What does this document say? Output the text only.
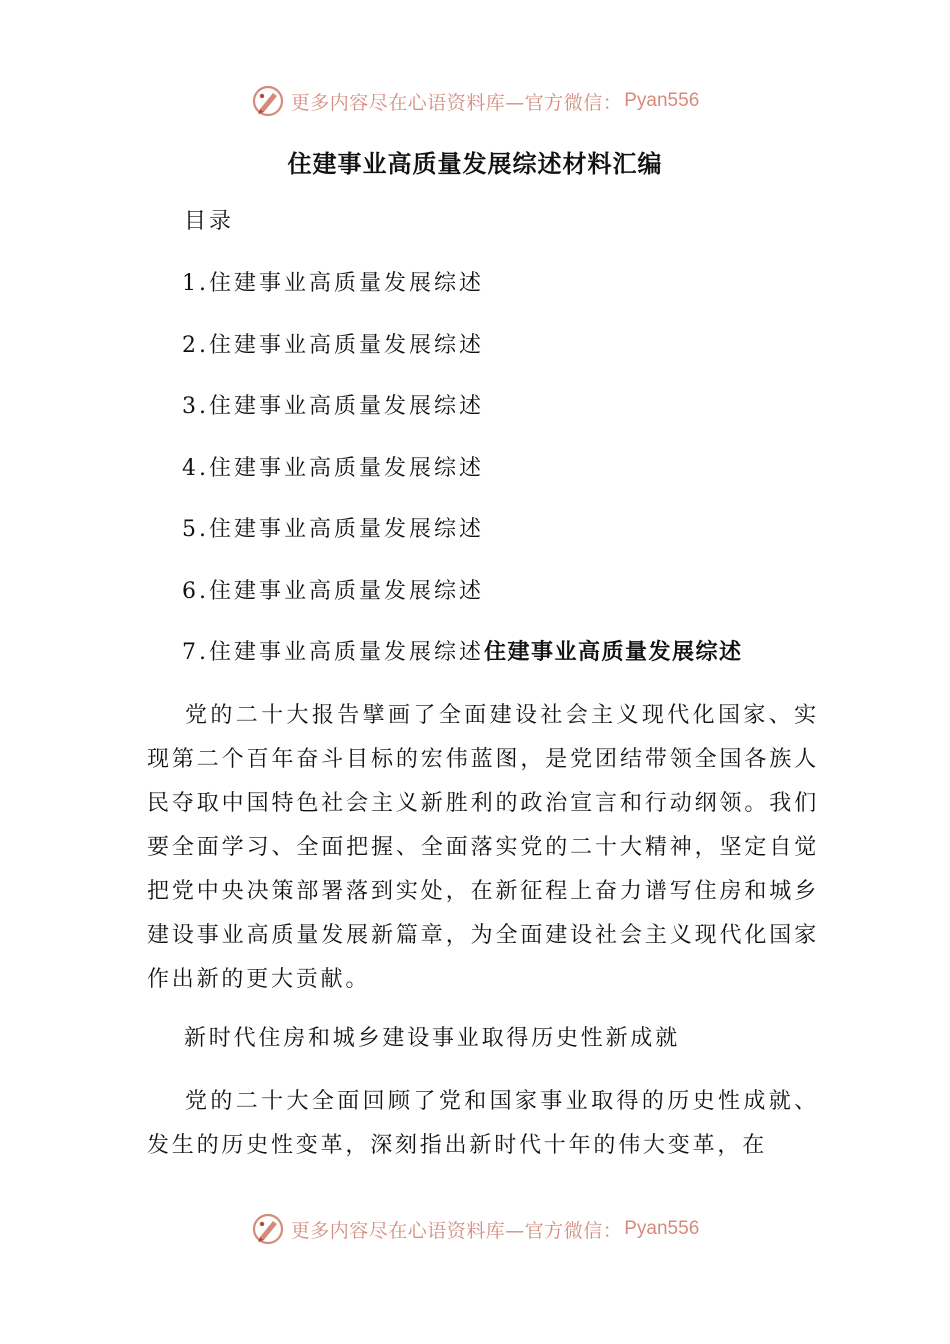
更多内容尽在心语资料库—官方微信： Pyan556
住建事业高质量发展综述材料汇编
目录
1.住建事业高质量发展综述
2.住建事业高质量发展综述
3.住建事业高质量发展综述
4.住建事业高质量发展综述
5.住建事业高质量发展综述
6.住建事业高质量发展综述
7.住建事业高质量发展综述住建事业高质量发展综述

党的二十大报告擘画了全面建设社会主义现代化国家、实现第二个百年奋斗目标的宏伟蓝图，是党团结带领全国各族人民夺取中国特色社会主义新胜利的政治宣言和行动纲领。我们要全面学习、全面把握、全面落实党的二十大精神，坚定自觉把党中央决策部署落到实处，在新征程上奋力谱写住房和城乡建设事业高质量发展新篇章，为全面建设社会主义现代化国家作出新的更大贡献。

新时代住房和城乡建设事业取得历史性新成就

党的二十大全面回顾了党和国家事业取得的历史性成就、发生的历史性变革，深刻指出新时代十年的伟大变革，在

更多内容尽在心语资料库—官方微信： Pyan556
